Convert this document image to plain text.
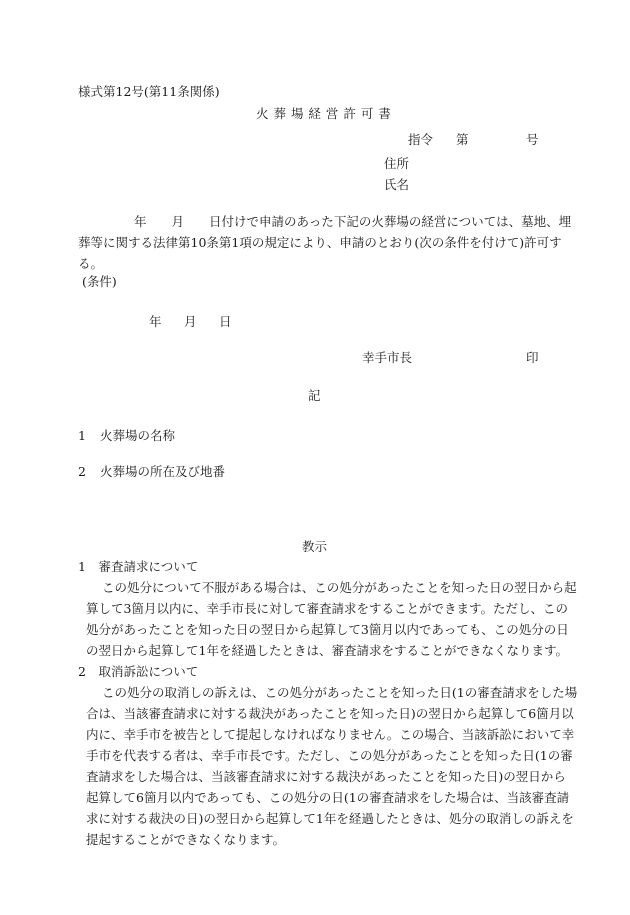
様式第12号(第11条関係)
火 葬 場 経 営 許 可 書
指令 第	号
住所
氏名
年　　月　　日付けで申請のあった下記の火葬場の経営については、墓地、埋
葬等に関する法律第10条第1項の規定により、申請のとおり(次の条件を付けて)許可す
る。
(条件)
年 月 日
幸手市長	印
記
1 火葬場の名称
2 火葬場の所在及び地番
教示
1　審査請求について
この処分について不服がある場合は、この処分があったことを知った日の翌日から起
算して3箇月以内に、幸手市長に対して審査請求をすることができます。ただし、この
処分があったことを知った日の翌日から起算して3箇月以内であっても、この処分の日
の翌日から起算して1年を経過したときは、審査請求をすることができなくなります。
2　取消訴訟について
この処分の取消しの訴えは、この処分があったことを知った日(1の審査請求をした場
合は、当該審査請求に対する裁決があったことを知った日)の翌日から起算して6箇月以
内に、幸手市を被告として提起しなければなりません。この場合、当該訴訟において幸
手市を代表する者は、幸手市長です。ただし、この処分があったことを知った日(1の審
査請求をした場合は、当該審査請求に対する裁決があったことを知った日)の翌日から
起算して6箇月以内であっても、この処分の日(1の審査請求をした場合は、当該審査請
求に対する裁決の日)の翌日から起算して1年を経過したときは、処分の取消しの訴えを
提起することができなくなります。
